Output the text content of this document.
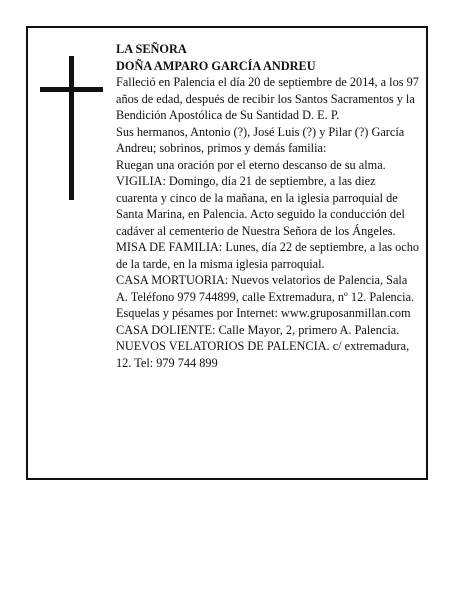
LA SEÑORA

DOÑA AMPARO GARCÍA ANDREU

Falleció en Palencia el día 20 de septiembre de 2014, a los 97 años de edad, después de recibir los Santos Sacramentos y la Bendición Apostólica de Su Santidad D. E. P.

Sus hermanos, Antonio (?), José Luis (?) y Pilar (?) García Andreu; sobrinos, primos y demás familia:

Ruegan una oración por el eterno descanso de su alma.

VIGILIA: Domingo, día 21 de septiembre, a las diez cuarenta y cinco de la mañana, en la iglesia parroquial de Santa Marina, en Palencia. Acto seguido la conducción del cadáver al cementerio de Nuestra Señora de los Ángeles.

MISA DE FAMILIA: Lunes, día 22 de septiembre, a las ocho de la tarde, en la misma iglesia parroquial.

CASA MORTUORIA: Nuevos velatorios de Palencia, Sala A. Teléfono 979 744899, calle Extremadura, nº 12. Palencia.

Esquelas y pésames por Internet: www.gruposanmillan.com

CASA DOLIENTE: Calle Mayor, 2, primero A. Palencia.

NUEVOS VELATORIOS DE PALENCIA. c/ extremadura, 12. Tel: 979 744 899
